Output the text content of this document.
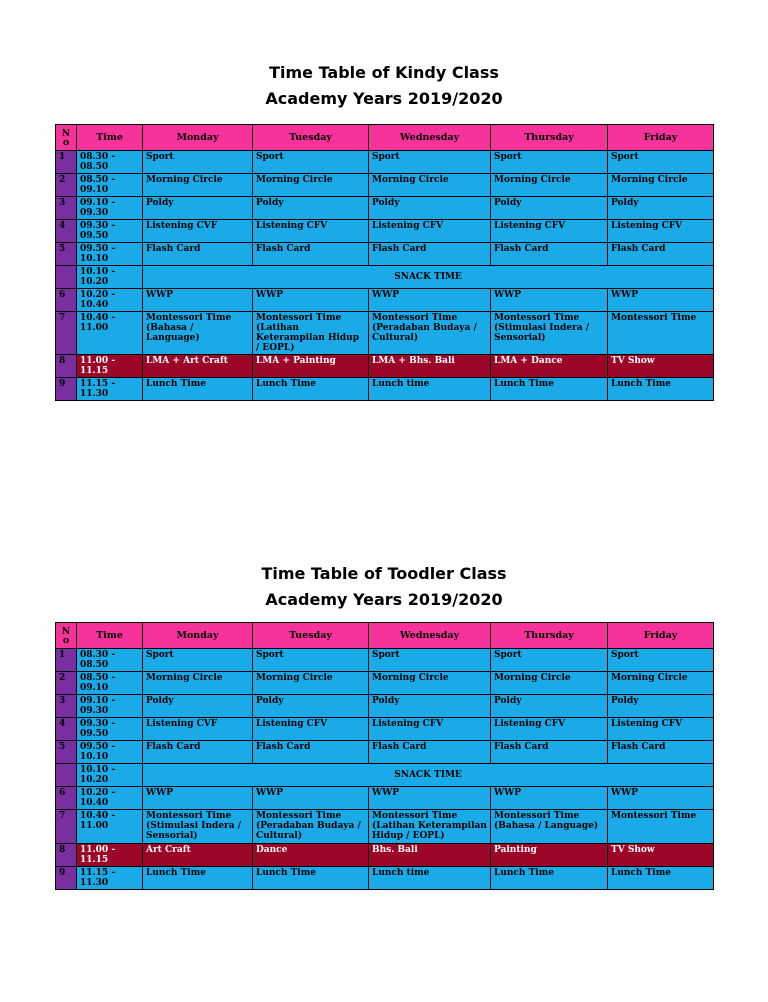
Time Table of Kindy Class
Academy Years 2019/2020
N
o	Time	Monday	Tuesday	Wednesday	Thursday	Friday
1	08.30 - 08.50	Sport	Sport	Sport	Sport	Sport
2	08.50 - 09.10	Morning Circle	Morning Circle	Morning Circle	Morning Circle	Morning Circle
3	09.10 - 09.30	Poldy	Poldy	Poldy	Poldy	Poldy
4	09.30 - 09.50	Listening CVF	Listening CFV	Listening CFV	Listening CFV	Listening CFV
5	09.50 - 10.10	Flash Card	Flash Card	Flash Card	Flash Card	Flash Card
	10.10 - 10.20	SNACK TIME				
6	10.20 - 10.40	WWP	WWP	WWP	WWP	WWP
7	10.40 - 11.00	Montessori Time (Bahasa / Language)	Montessori Time (Latihan Keterampilan Hidup / EOPL)	Montessori Time (Peradaban Budaya / Cultural)	Montessori Time (Stimulasi Indera / Sensorial)	Montessori Time
8	11.00 - 11.15	LMA + Art Craft	LMA + Painting	LMA + Bhs. Bali	LMA + Dance	TV Show
9	11.15 - 11.30	Lunch Time	Lunch Time	Lunch time	Lunch Time	Lunch Time
Time Table of Toodler Class
Academy Years 2019/2020
N
o	Time	Monday	Tuesday	Wednesday	Thursday	Friday
1	08.30 - 08.50	Sport	Sport	Sport	Sport	Sport
2	08.50 - 09.10	Morning Circle	Morning Circle	Morning Circle	Morning Circle	Morning Circle
3	09.10 - 09.30	Poldy	Poldy	Poldy	Poldy	Poldy
4	09.30 - 09.50	Listening CVF	Listening CFV	Listening CFV	Listening CFV	Listening CFV
5	09.50 - 10.10	Flash Card	Flash Card	Flash Card	Flash Card	Flash Card
	10.10 - 10.20	SNACK TIME				
6	10.20 - 10.40	WWP	WWP	WWP	WWP	WWP
7	10.40 - 11.00	Montessori Time (Stimulasi Indera / Sensorial)	Montessori Time (Peradaban Budaya / Cultural)	Montessori Time (Latihan Keterampilan Hidup / EOPL)	Montessori Time (Bahasa / Language)	Montessori Time
8	11.00 - 11.15	Art Craft	Dance	Bhs. Bali	Painting	TV Show
9	11.15 - 11.30	Lunch Time	Lunch Time	Lunch time	Lunch Time	Lunch Time
